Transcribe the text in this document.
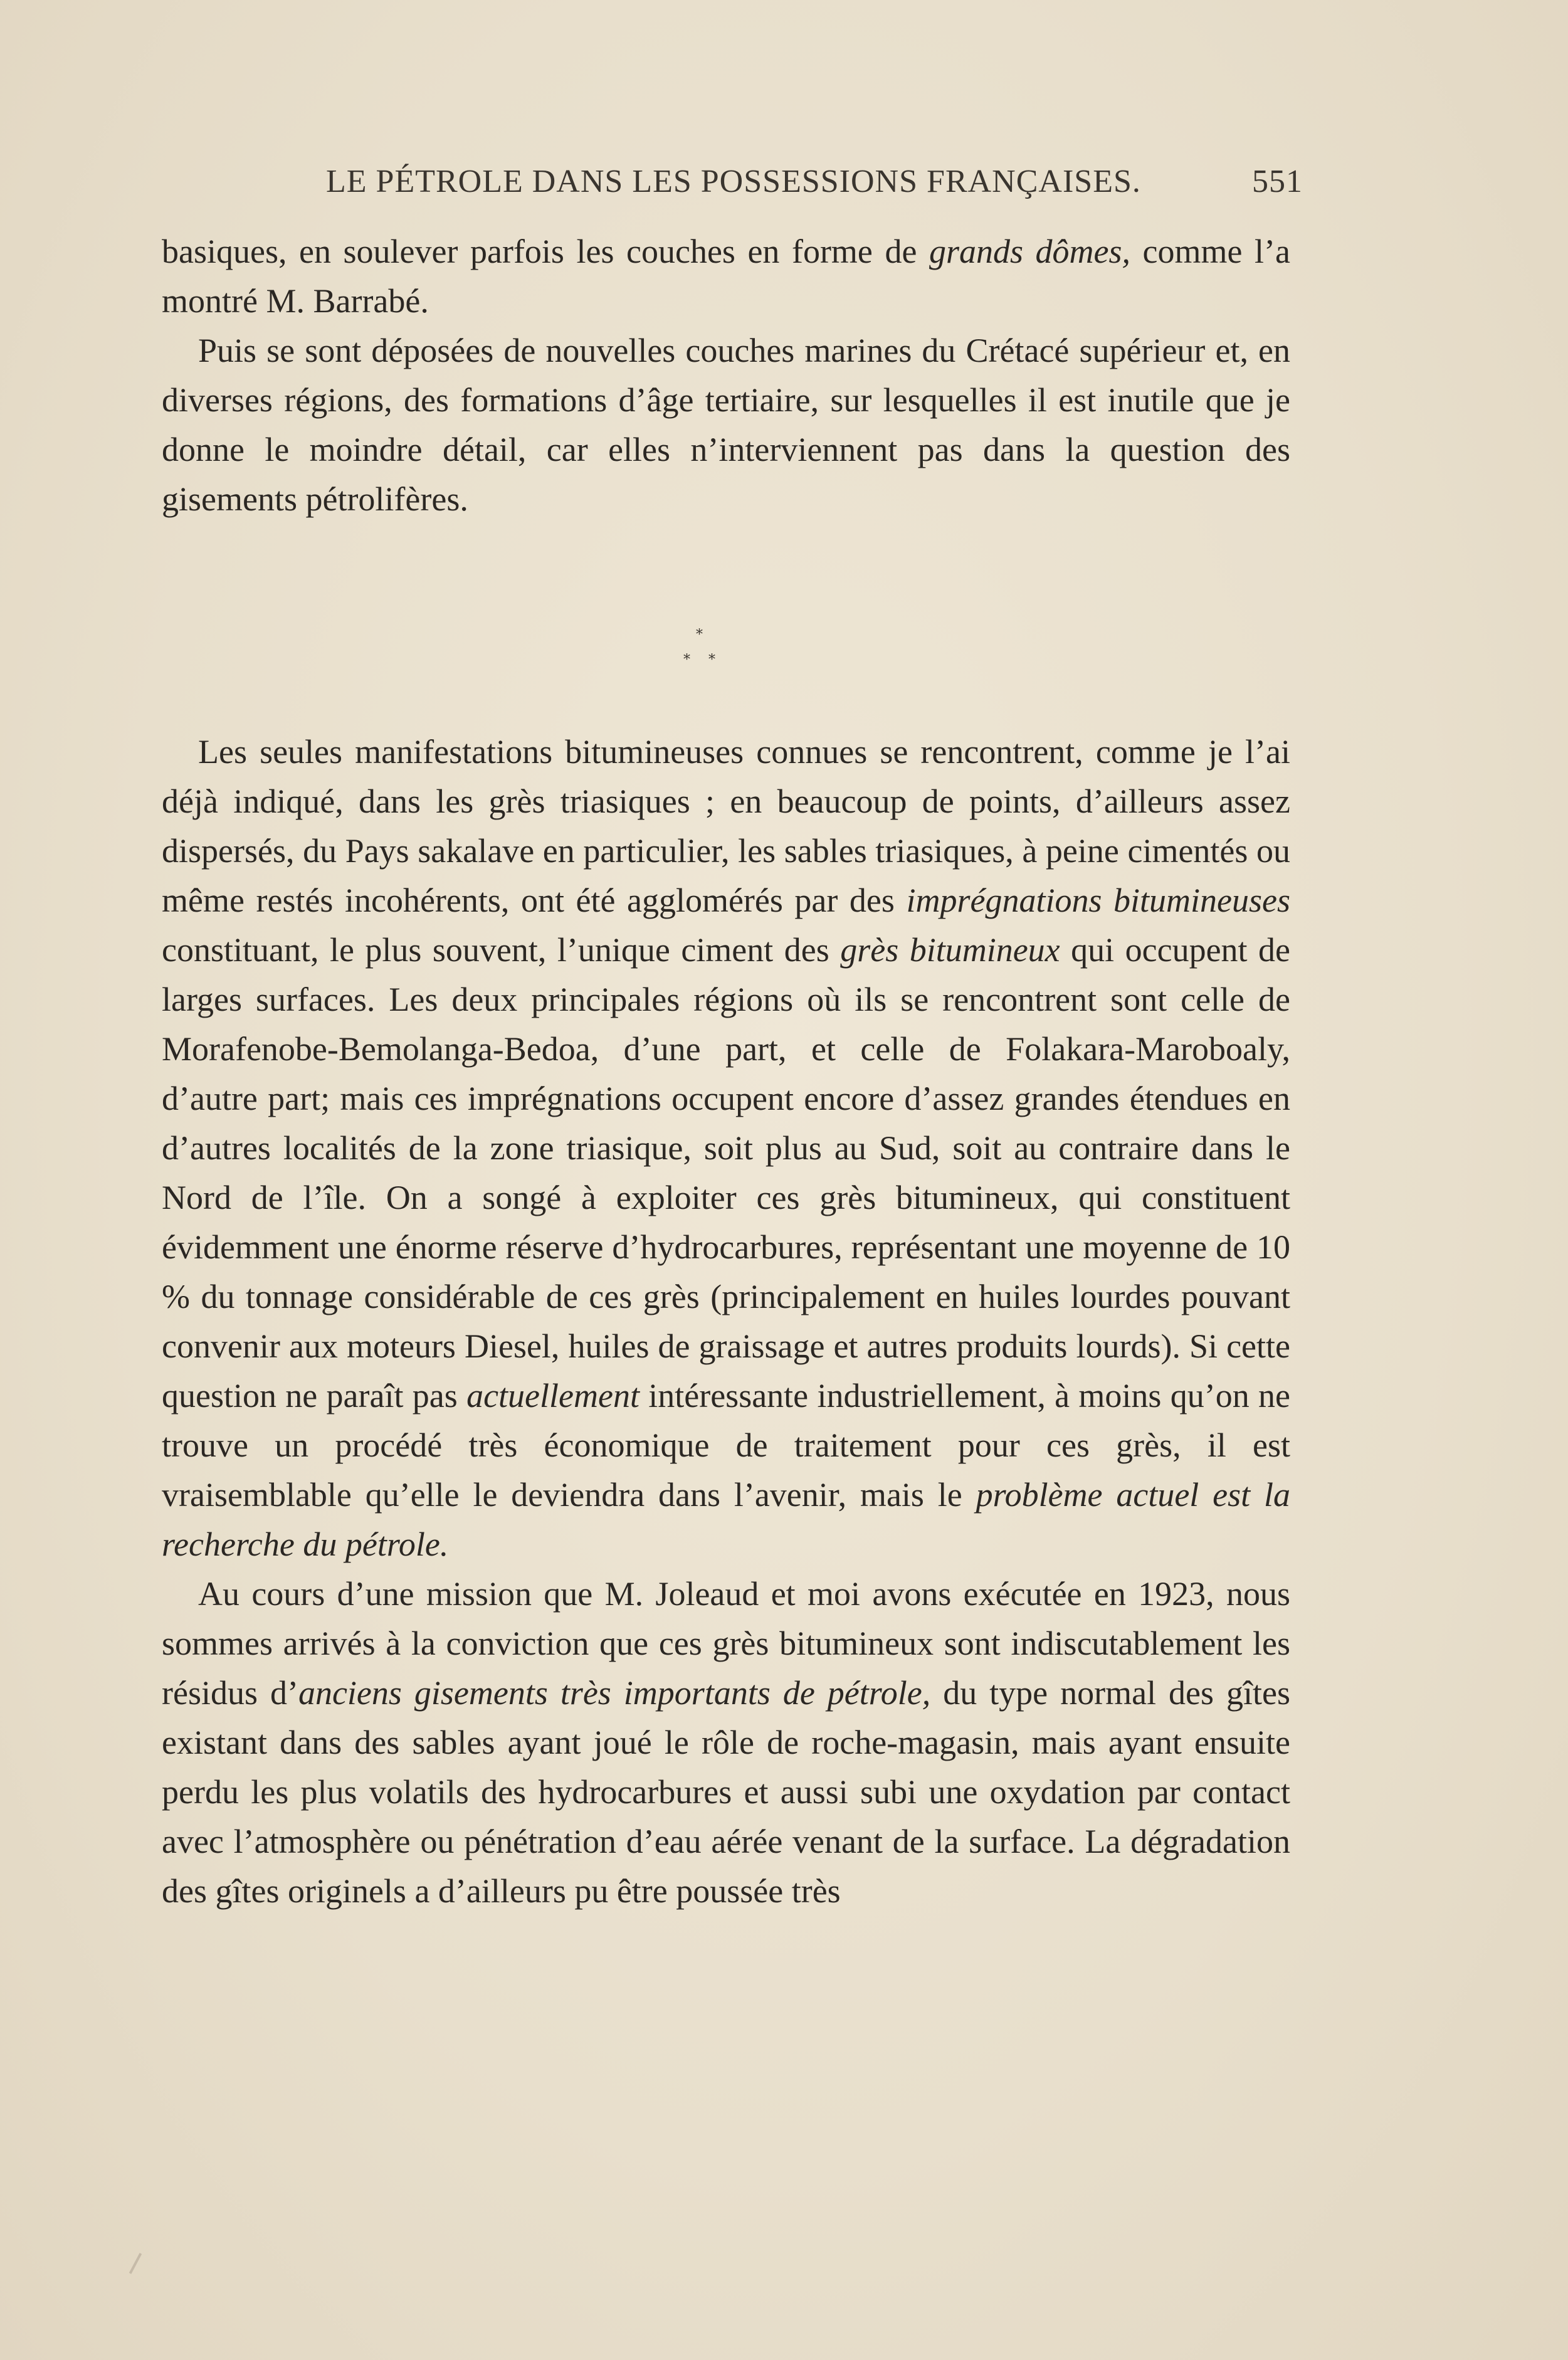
LE PÉTROLE DANS LES POSSESSIONS FRANÇAISES.	551

basiques, en soulever parfois les couches en forme de grands dômes, comme l’a montré M. Barrabé.

Puis se sont déposées de nouvelles couches marines du Crétacé supérieur et, en diverses régions, des formations d’âge tertiaire, sur lesquelles il est inutile que je donne le moindre détail, car elles n’interviennent pas dans la question des gisements pétrolifères.

*
* *

Les seules manifestations bitumineuses connues se rencontrent, comme je l’ai déjà indiqué, dans les grès triasiques ; en beaucoup de points, d’ailleurs assez dispersés, du Pays sakalave en particulier, les sables triasiques, à peine cimentés ou même restés incohérents, ont été agglomérés par des imprégnations bitumineuses constituant, le plus souvent, l’unique ciment des grès bitumineux qui occupent de larges surfaces. Les deux principales régions où ils se rencontrent sont celle de Morafenobe-Bemolanga-Bedoa, d’une part, et celle de Folakara-Maroboaly, d’autre part; mais ces imprégnations occupent encore d’assez grandes étendues en d’autres localités de la zone triasique, soit plus au Sud, soit au contraire dans le Nord de l’île. On a songé à exploiter ces grès bitumineux, qui constituent évidemment une énorme réserve d’hydrocarbures, représentant une moyenne de 10 % du tonnage considérable de ces grès (principalement en huiles lourdes pouvant convenir aux moteurs Diesel, huiles de graissage et autres produits lourds). Si cette question ne paraît pas actuellement intéressante industriellement, à moins qu’on ne trouve un procédé très économique de traitement pour ces grès, il est vraisemblable qu’elle le deviendra dans l’avenir, mais le problème actuel est la recherche du pétrole.

Au cours d’une mission que M. Joleaud et moi avons exécutée en 1923, nous sommes arrivés à la conviction que ces grès bitumineux sont indiscutablement les résidus d’anciens gisements très importants de pétrole, du type normal des gîtes existant dans des sables ayant joué le rôle de roche-magasin, mais ayant ensuite perdu les plus volatils des hydrocarbures et aussi subi une oxydation par contact avec l’atmosphère ou pénétration d’eau aérée venant de la surface. La dégradation des gîtes originels a d’ailleurs pu être poussée très
